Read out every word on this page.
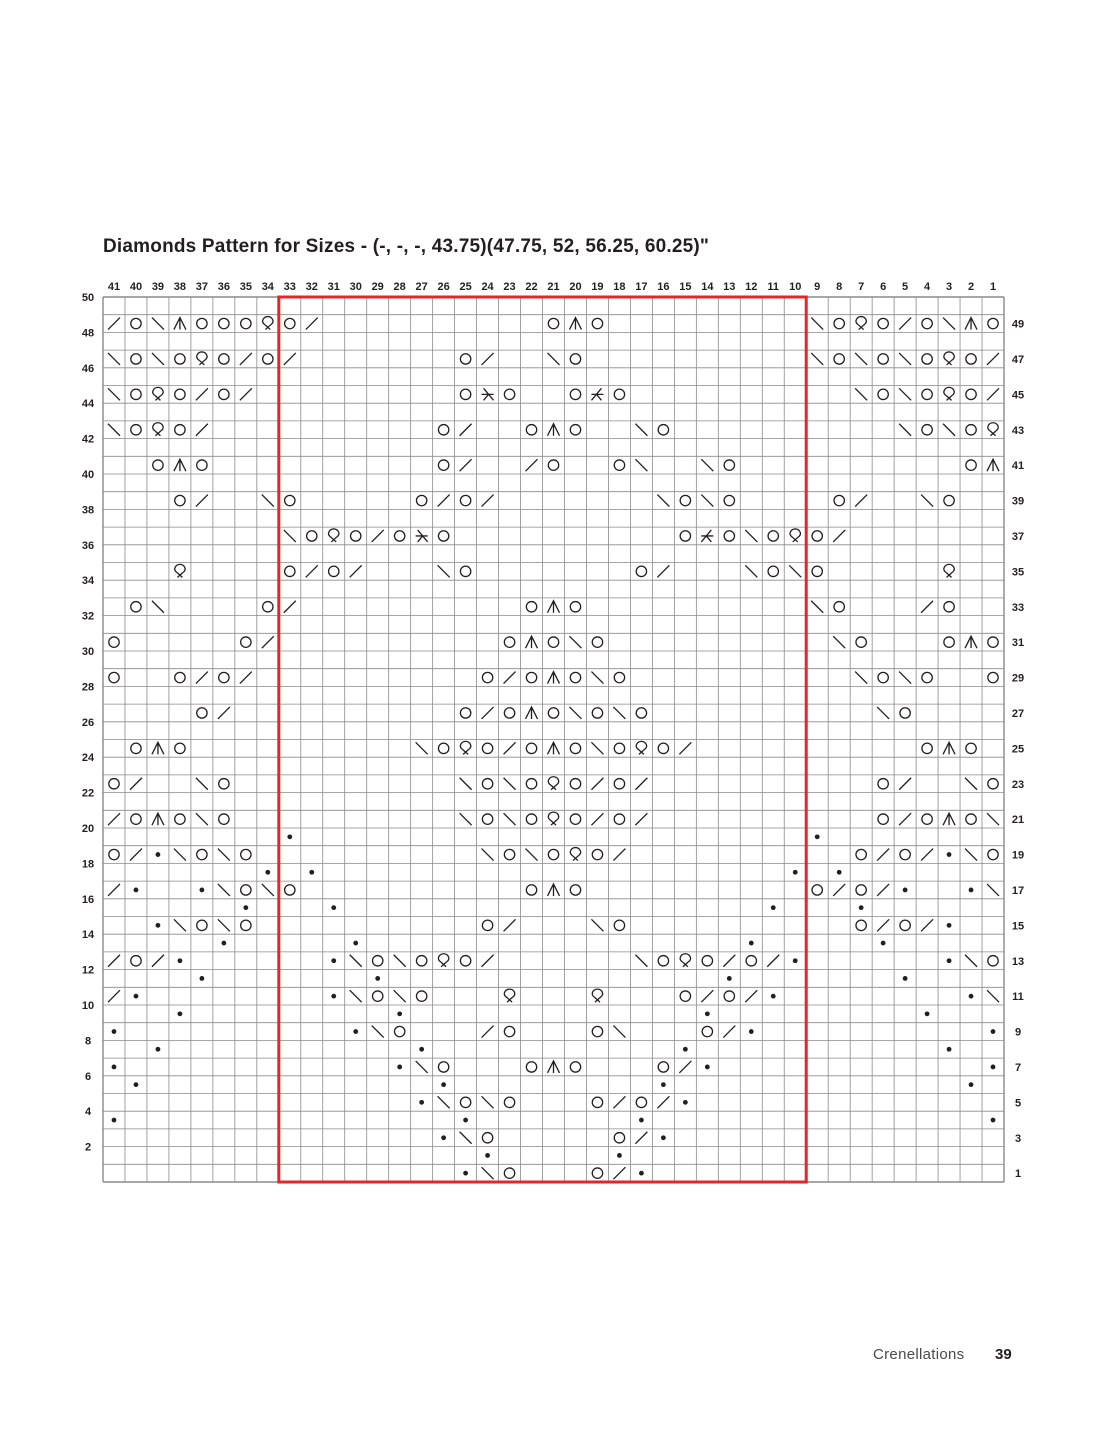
Diamonds Pattern for Sizes - (-, -, -, 43.75)(47.75, 52, 56.25, 60.25)"
41 40 39 38 37 36 35 34 33 32 31 30 29 28 27 26 25 24 23 22 21 20 19 18 17 16 15 14 13 12 11 10 9 8 7 6 5 4 3 2 1
50
48
46
44
42
40
38
36
34
32
30
28
26
24
22
20
18
16
14
12
10
8
6
4
2
49
47
45
43
41
39
37
35
33
31
29
27
25
23
21
19
17
15
13
11
9
7
5
3
1
Crenellations 39
